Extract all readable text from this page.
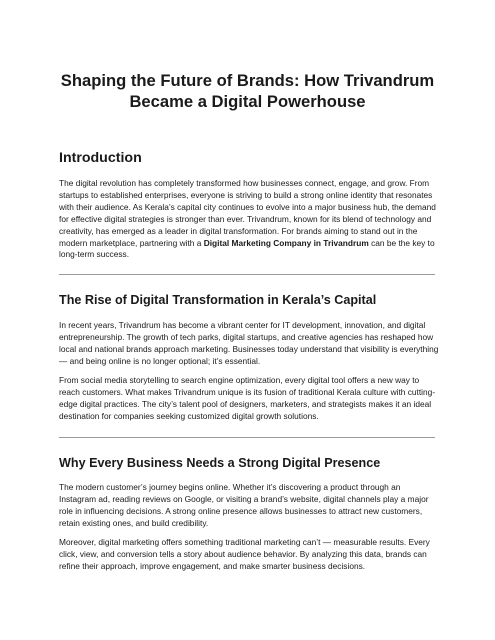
Shaping the Future of Brands: How Trivandrum
Became a Digital Powerhouse
Introduction

The digital revolution has completely transformed how businesses connect, engage, and grow. From startups to established enterprises, everyone is striving to build a strong online identity that resonates with their audience. As Kerala’s capital city continues to evolve into a major business hub, the demand for effective digital strategies is stronger than ever. Trivandrum, known for its blend of technology and creativity, has emerged as a leader in digital transformation. For brands aiming to stand out in the modern marketplace, partnering with a Digital Marketing Company in Trivandrum can be the key to long-term success.

The Rise of Digital Transformation in Kerala’s Capital

In recent years, Trivandrum has become a vibrant center for IT development, innovation, and digital entrepreneurship. The growth of tech parks, digital startups, and creative agencies has reshaped how local and national brands approach marketing. Businesses today understand that visibility is everything — and being online is no longer optional; it’s essential.

From social media storytelling to search engine optimization, every digital tool offers a new way to reach customers. What makes Trivandrum unique is its fusion of traditional Kerala culture with cutting-edge digital practices. The city’s talent pool of designers, marketers, and strategists makes it an ideal destination for companies seeking customized digital growth solutions.

Why Every Business Needs a Strong Digital Presence

The modern customer’s journey begins online. Whether it’s discovering a product through an Instagram ad, reading reviews on Google, or visiting a brand’s website, digital channels play a major role in influencing decisions. A strong online presence allows businesses to attract new customers, retain existing ones, and build credibility.

Moreover, digital marketing offers something traditional marketing can’t — measurable results. Every click, view, and conversion tells a story about audience behavior. By analyzing this data, brands can refine their approach, improve engagement, and make smarter business decisions.
